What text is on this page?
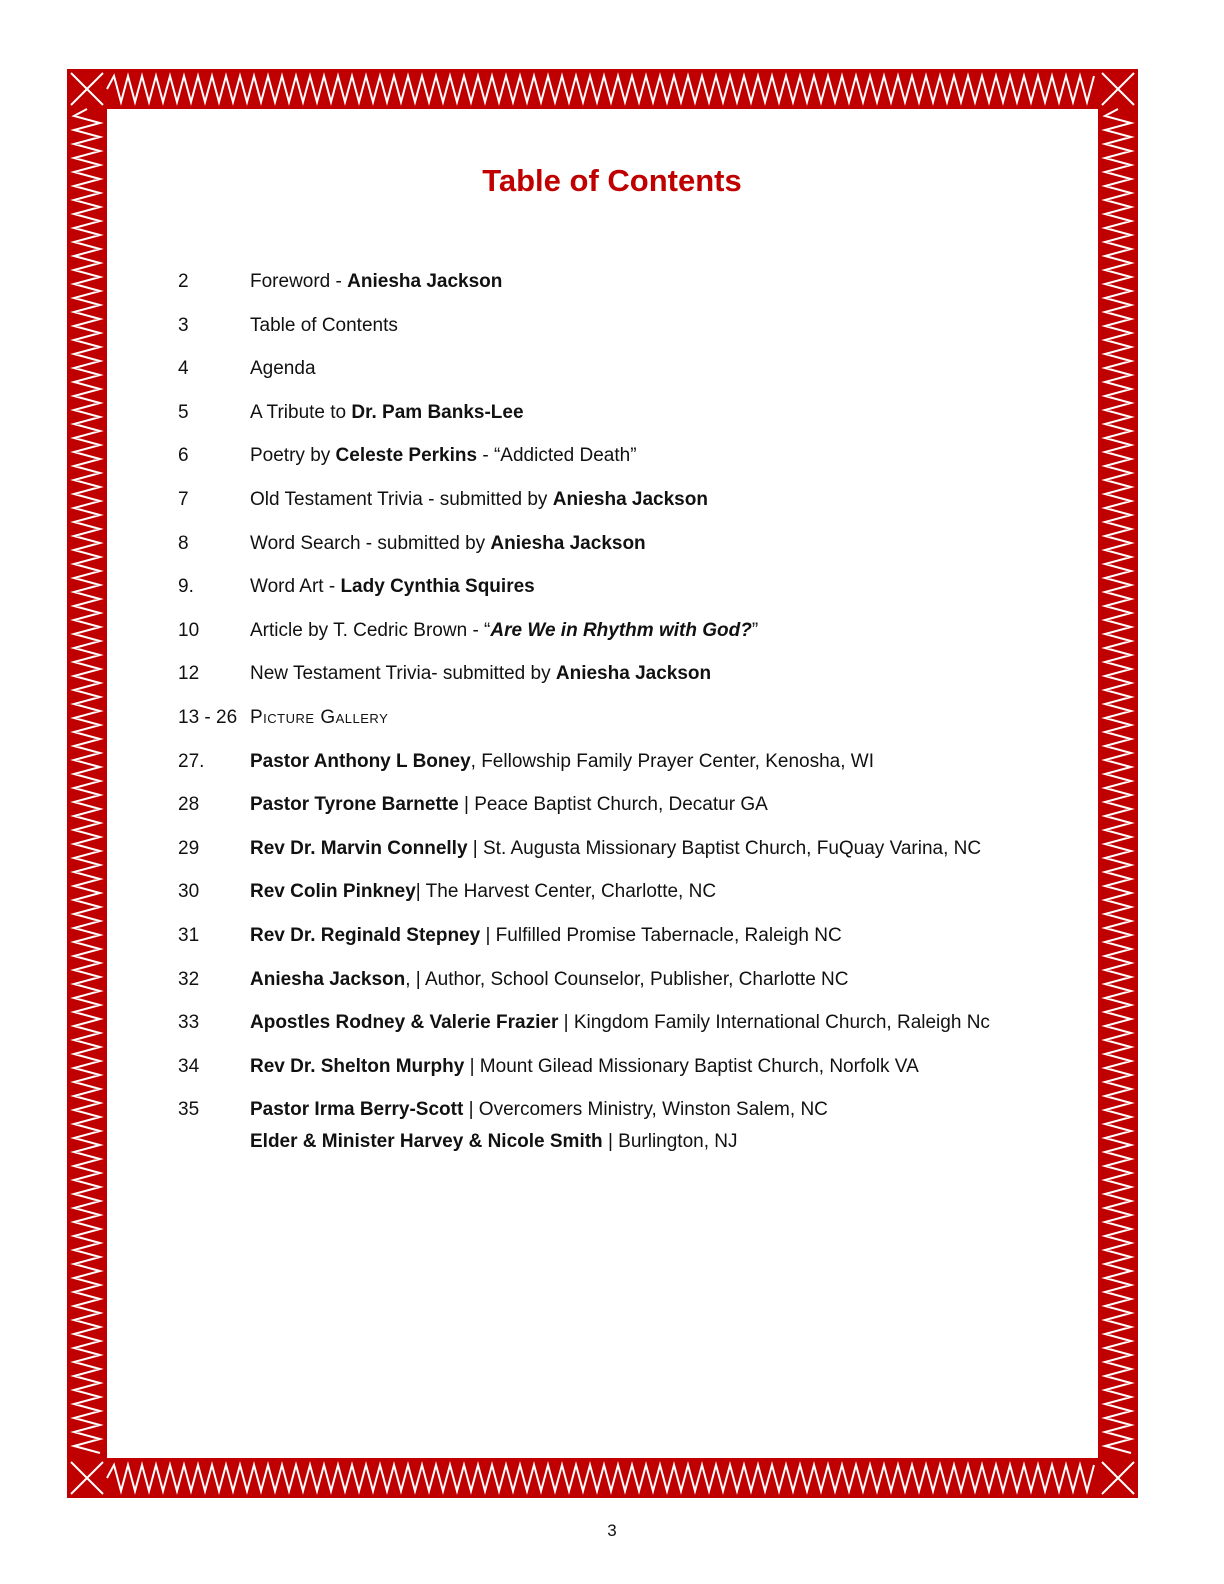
Table of Contents
2	Foreword - Aniesha Jackson
3	Table of Contents
4	Agenda
5	A Tribute to Dr. Pam Banks-Lee
6	Poetry by Celeste Perkins - “Addicted Death”
7	Old Testament Trivia - submitted by Aniesha Jackson
8	Word Search - submitted by Aniesha Jackson
9.	Word Art - Lady Cynthia Squires
10	Article by T. Cedric Brown - “Are We in Rhythm with God?”
12	New Testament Trivia- submitted by Aniesha Jackson
13 - 26 Picture Gallery
27.	Pastor Anthony L Boney, Fellowship Family Prayer Center, Kenosha, WI
28	Pastor Tyrone Barnette | Peace Baptist Church, Decatur GA
29	Rev Dr. Marvin Connelly | St. Augusta Missionary Baptist Church, FuQuay Varina, NC
30	Rev Colin Pinkney| The Harvest Center, Charlotte, NC
31	Rev Dr. Reginald Stepney | Fulfilled Promise Tabernacle, Raleigh NC
32	Aniesha Jackson, | Author, School Counselor, Publisher, Charlotte NC
33	Apostles Rodney & Valerie Frazier | Kingdom Family International Church, Raleigh Nc
34	Rev Dr. Shelton Murphy | Mount Gilead Missionary Baptist Church, Norfolk VA
35	Pastor Irma Berry-Scott | Overcomers Ministry, Winston Salem, NC
Elder & Minister Harvey & Nicole Smith | Burlington, NJ
3
